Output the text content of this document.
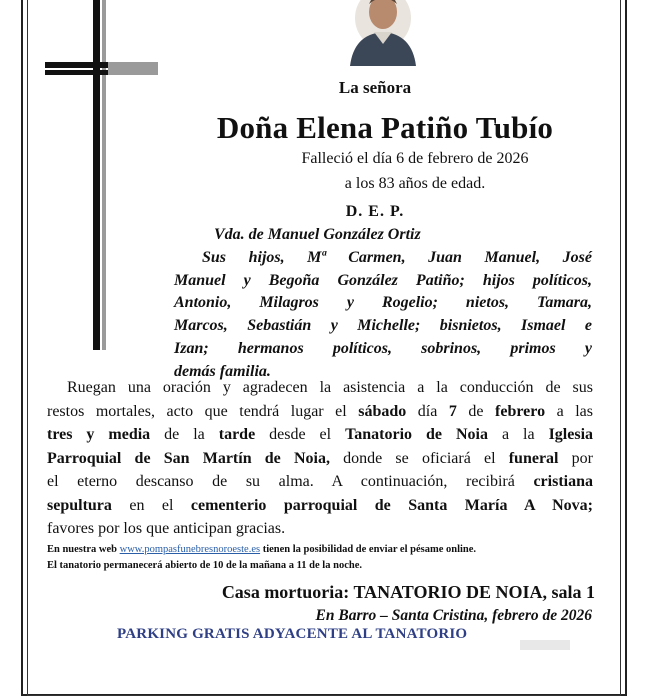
La señora
Doña Elena Patiño Tubío
Falleció el día 6 de febrero de 2026
a los 83 años de edad.
D. E. P.
Vda. de Manuel González Ortiz
Sus hijos, Mª Carmen, Juan Manuel, José
Manuel y Begoña González Patiño; hijos políticos,
Antonio, Milagros y Rogelio; nietos, Tamara,
Marcos, Sebastián y Michelle; bisnietos, Ismael e
Izan; hermanos políticos, sobrinos, primos y
demás familia.
Ruegan una oración y agradecen la asistencia a la conducción de sus
restos mortales, acto que tendrá lugar el sábado día 7 de febrero a las
tres y media de la tarde desde el Tanatorio de Noia a la Iglesia
Parroquial de San Martín de Noia, donde se oficiará el funeral por
el eterno descanso de su alma. A continuación, recibirá cristiana
sepultura en el cementerio parroquial de Santa María A Nova;
favores por los que anticipan gracias.
En nuestra web www.pompasfunebresnoroeste.es tienen la posibilidad de enviar el pésame online.
El tanatorio permanecerá abierto de 10 de la mañana a 11 de la noche.
Casa mortuoria: TANATORIO DE NOIA, sala 1
En Barro – Santa Cristina, febrero de 2026
PARKING GRATIS ADYACENTE AL TANATORIO
